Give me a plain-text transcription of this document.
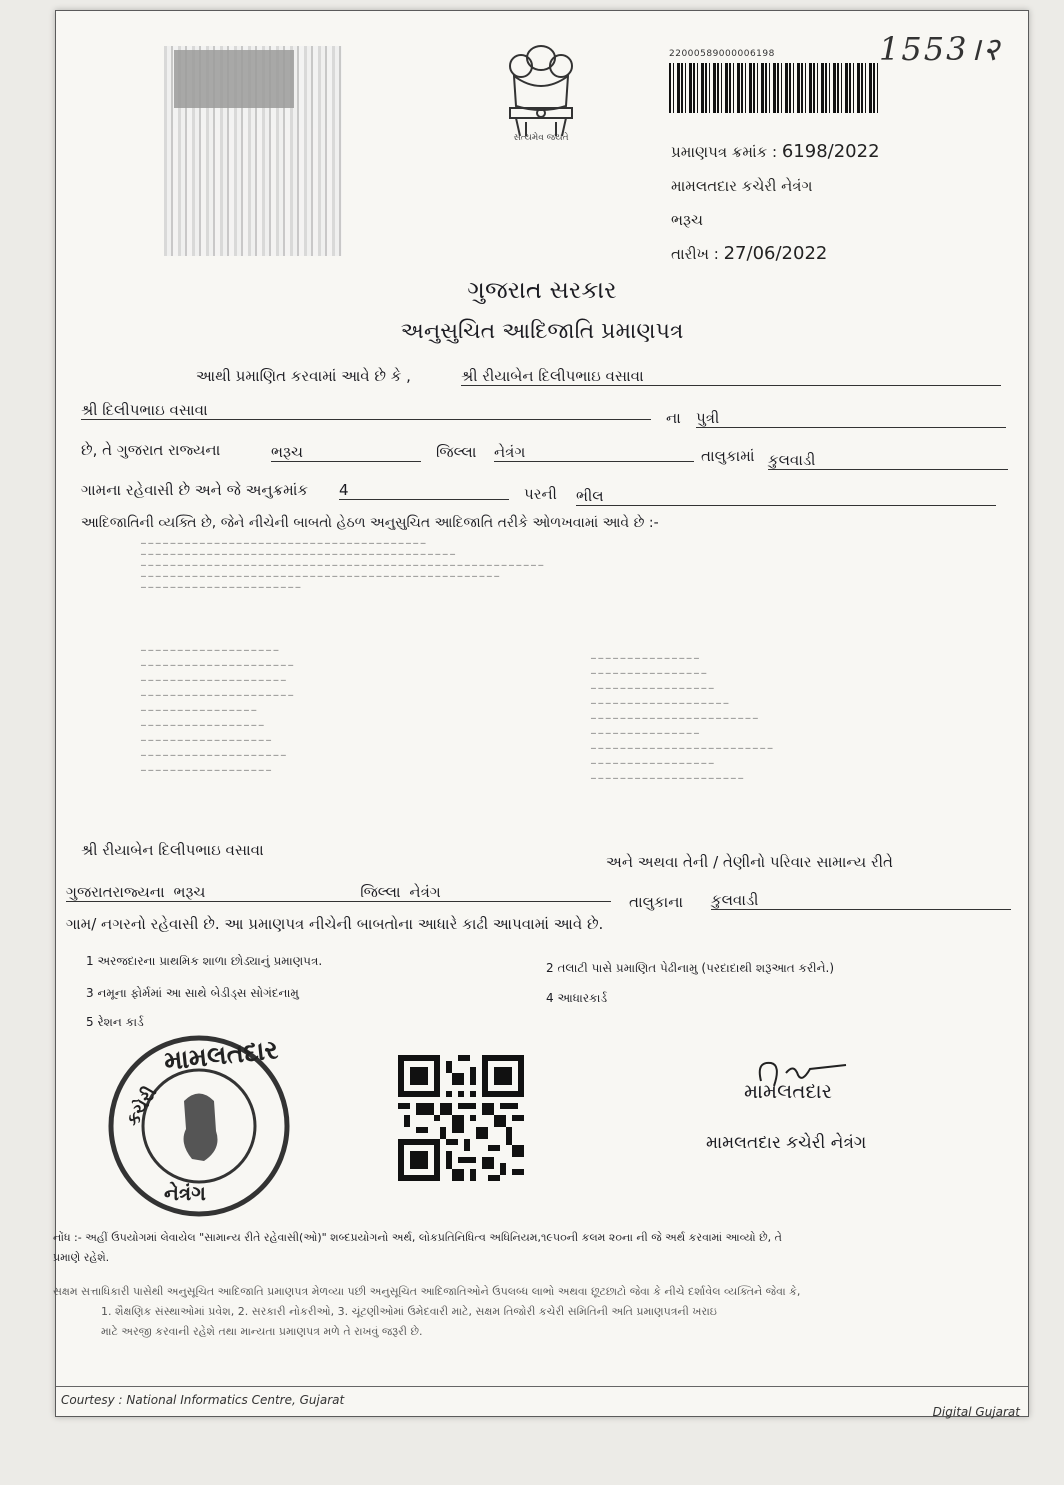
સત્યમેવ જયતે
22000589000006198	1553।२
પ્રમાણપત્ર ક્રમાંક : 6198/2022
મામલતદાર કચેરી નેત્રંગ
ભરૂચ
તારીખ : 27/06/2022
ગુજરાત સરકાર
અનુસુચિત આદિજાતિ પ્રમાણપત્ર
આથી પ્રમાણિત કરવામાં આવે છે કે ,	શ્રી રીયાબેન દિલીપભાઇ વસાવા
શ્રી દિલીપભાઇ વસાવા	ના પુત્રી
છે, તે ગુજરાત રાજ્યના	ભરૂચ	જિલ્લા નેત્રંગ	તાલુકામાં કુલવાડી
ગામના રહેવાસી છે અને જે અનુક્રમાંક 4	પરની ભીલ
આદિજાતિની વ્યક્તિ છે, જેને નીચેની બાબતો હેઠળ અનુસુચિત આદિજાતિ તરીકે ઓળખવામાં આવે છે :-
─ ─ ─ ─ ─ ─ ─ ─ ─ ─ ─ ─ ─ ─ ─ ─ ─ ─ ─ ─ ─ ─ ─ ─ ─ ─ ─ ─ ─ ─ ─ ─ ─ ─ ─ ─ ─ ─ ─
─ ─ ─ ─ ─ ─ ─ ─ ─ ─ ─ ─ ─ ─ ─ ─ ─ ─ ─ ─ ─ ─ ─ ─ ─ ─ ─ ─ ─ ─ ─ ─ ─ ─ ─ ─ ─ ─ ─ ─ ─ ─ ─
─ ─ ─ ─ ─ ─ ─ ─ ─ ─ ─ ─ ─ ─ ─ ─ ─ ─ ─ ─ ─ ─ ─ ─ ─ ─ ─ ─ ─ ─ ─ ─ ─ ─ ─ ─ ─ ─ ─ ─ ─ ─ ─ ─ ─ ─ ─ ─ ─ ─ ─ ─ ─ ─ ─
─ ─ ─ ─ ─ ─ ─ ─ ─ ─ ─ ─ ─ ─ ─ ─ ─ ─ ─ ─ ─ ─ ─ ─ ─ ─ ─ ─ ─ ─ ─ ─ ─ ─ ─ ─ ─ ─ ─ ─ ─ ─ ─ ─ ─ ─ ─ ─ ─
─ ─ ─ ─ ─ ─ ─ ─ ─ ─ ─ ─ ─ ─ ─ ─ ─ ─ ─ ─ ─ ─
─ ─ ─ ─ ─ ─ ─ ─ ─ ─ ─ ─ ─ ─ ─ ─ ─ ─ ─
─ ─ ─ ─ ─ ─ ─ ─ ─ ─ ─ ─ ─ ─ ─ ─ ─ ─ ─ ─ ─
─ ─ ─ ─ ─ ─ ─ ─ ─ ─ ─ ─ ─ ─ ─ ─ ─ ─ ─ ─
─ ─ ─ ─ ─ ─ ─ ─ ─ ─ ─ ─ ─ ─ ─ ─ ─ ─ ─ ─ ─
─ ─ ─ ─ ─ ─ ─ ─ ─ ─ ─ ─ ─ ─ ─ ─
─ ─ ─ ─ ─ ─ ─ ─ ─ ─ ─ ─ ─ ─ ─ ─ ─
─ ─ ─ ─ ─ ─ ─ ─ ─ ─ ─ ─ ─ ─ ─ ─ ─ ─
─ ─ ─ ─ ─ ─ ─ ─ ─ ─ ─ ─ ─ ─ ─ ─ ─ ─ ─ ─
─ ─ ─ ─ ─ ─ ─ ─ ─ ─ ─ ─ ─ ─ ─ ─ ─ ─
─ ─ ─ ─ ─ ─ ─ ─ ─ ─ ─ ─ ─ ─ ─
─ ─ ─ ─ ─ ─ ─ ─ ─ ─ ─ ─ ─ ─ ─ ─
─ ─ ─ ─ ─ ─ ─ ─ ─ ─ ─ ─ ─ ─ ─ ─ ─
─ ─ ─ ─ ─ ─ ─ ─ ─ ─ ─ ─ ─ ─ ─ ─ ─ ─ ─
─ ─ ─ ─ ─ ─ ─ ─ ─ ─ ─ ─ ─ ─ ─ ─ ─ ─ ─ ─ ─ ─ ─
─ ─ ─ ─ ─ ─ ─ ─ ─ ─ ─ ─ ─ ─ ─
─ ─ ─ ─ ─ ─ ─ ─ ─ ─ ─ ─ ─ ─ ─ ─ ─ ─ ─ ─ ─ ─ ─ ─ ─
─ ─ ─ ─ ─ ─ ─ ─ ─ ─ ─ ─ ─ ─ ─ ─ ─
─ ─ ─ ─ ─ ─ ─ ─ ─ ─ ─ ─ ─ ─ ─ ─ ─ ─ ─ ─ ─
શ્રી રીયાબેન દિલીપભાઇ વસાવા
અને અથવા તેની / તેણીનો પરિવાર સામાન્ય રીતે
ગુજરાતરાજ્યના ભરૂચ	જિલ્લા નેત્રંગ
તાલુકાના કુલવાડી
ગામ/ નગરનો રહેવાસી છે. આ પ્રમાણપત્ર નીચેની બાબતોના આધારે કાઢી આપવામાં આવે છે.
1 અરજદારના પ્રાથમિક શાળા છોડ્યાનું પ્રમાણપત્ર.	2 તલાટી પાસે પ્રમાણિત પેઢીનામુ (પરદાદાથી શરૂઆત કરીને.)
3 નમૂના ફોર્મમાં આ સાથે બેડીડ્સ સોગંદનામુ	4 આધારકાર્ડ
5 રેશન કાર્ડ
મામલતદાર
કચેરી
નેત્રંગ
મામલતદાર
મામલતદાર કચેરી નેત્રંગ
નોંધ :- અહીં ઉપયોગમાં લેવાયેલ "સામાન્ય રીતે રહેવાસી(ઓ)" શબ્દપ્રયોગનો અર્થ, લોકપ્રતિનિધિત્વ અધિનિયમ,૧૯૫૦ની કલમ ૨૦ના ની જે અર્થ કરવામાં આવ્યો છે, તે
પ્રમાણે રહેશે.
સક્ષમ સત્તાધિકારી પાસેથી અનુસૂચિત આદિજાતિ પ્રમાણપત્ર મેળવ્યા પછી અનુસૂચિત આદિજાતિઓને ઉપલબ્ધ લાભો અથવા છૂટછાટો જેવા કે નીચે દર્શાવેલ વ્યક્તિને જેવા કે,
1. શૈક્ષણિક સંસ્થાઓમાં પ્રવેશ, 2. સરકારી નોકરીઓ, 3. ચૂંટણીઓમાં ઉમેદવારી માટે, સક્ષમ તિજોરી કચેરી સમિતિની અતિ પ્રમાણપત્રની ખરાઇ
માટે અરજી કરવાની રહેશે તથા માન્યતા પ્રમાણપત્ર મળે તે રાખવું જરૂરી છે.
Courtesy : National Informatics Centre, Gujarat
Digital Gujarat
